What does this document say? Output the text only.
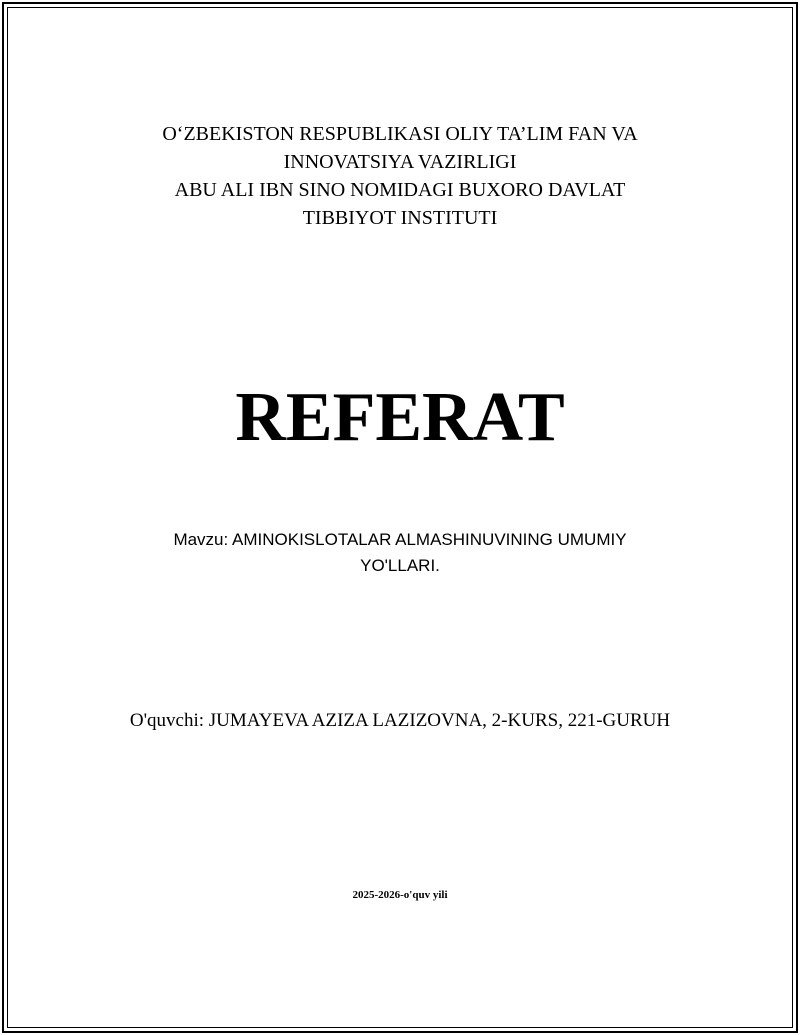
O‘ZBEKISTON RESPUBLIKASI OLIY TA’LIM FAN VA
INNOVATSIYA VAZIRLIGI
ABU ALI IBN SINO NOMIDAGI BUXORO DAVLAT
TIBBIYOT INSTITUTI
REFERAT
Mavzu: AMINOKISLOTALAR ALMASHINUVINING UMUMIY
YO'LLARI.
O'quvchi: JUMAYEVA AZIZA LAZIZOVNA, 2-KURS, 221-GURUH
2025-2026-o'quv yili
